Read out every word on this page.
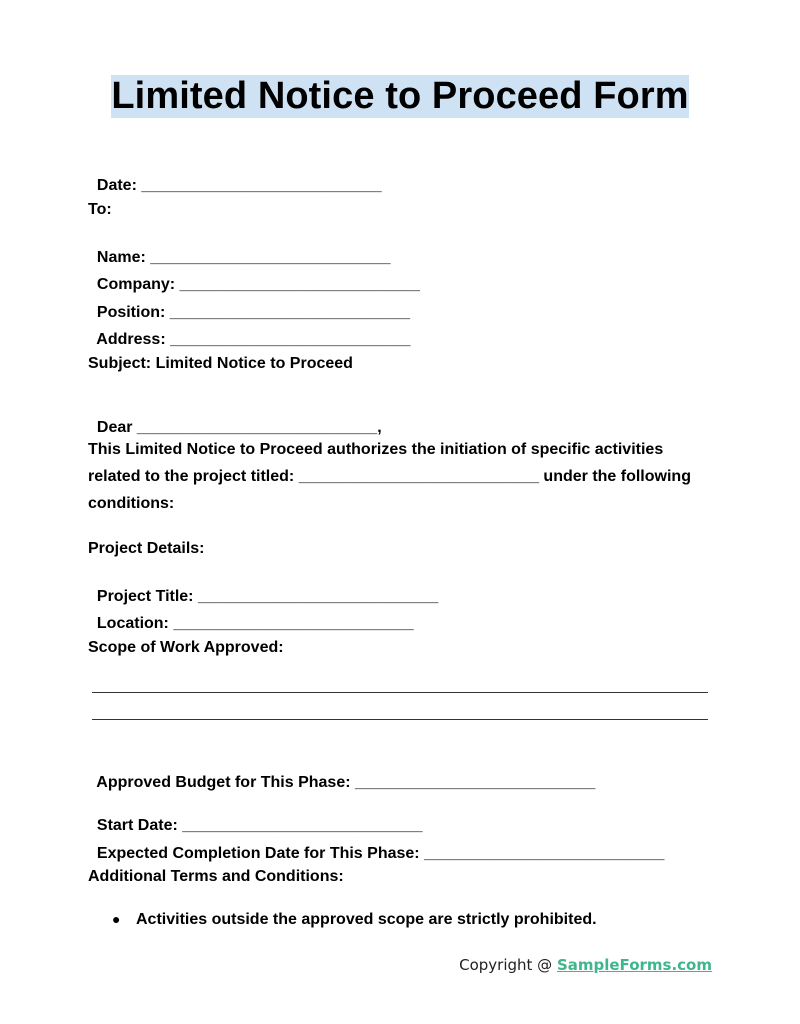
Limited Notice to Proceed Form

Date: ___________________________

To:

Name: ___________________________

Company: ___________________________

Position: ___________________________

Address: ___________________________

Subject: Limited Notice to Proceed

Dear ___________________________,

This Limited Notice to Proceed authorizes the initiation of specific activities related to the project titled: ___________________________ under the following conditions:
Project Details:

Project Title: ___________________________

Location: ___________________________

Scope of Work Approved:

Approved Budget for This Phase: ___________________________

Start Date: ___________________________

Expected Completion Date for This Phase: ___________________________

Additional Terms and Conditions:
● Activities outside the approved scope are strictly prohibited.
Copyright @ SampleForms.com
